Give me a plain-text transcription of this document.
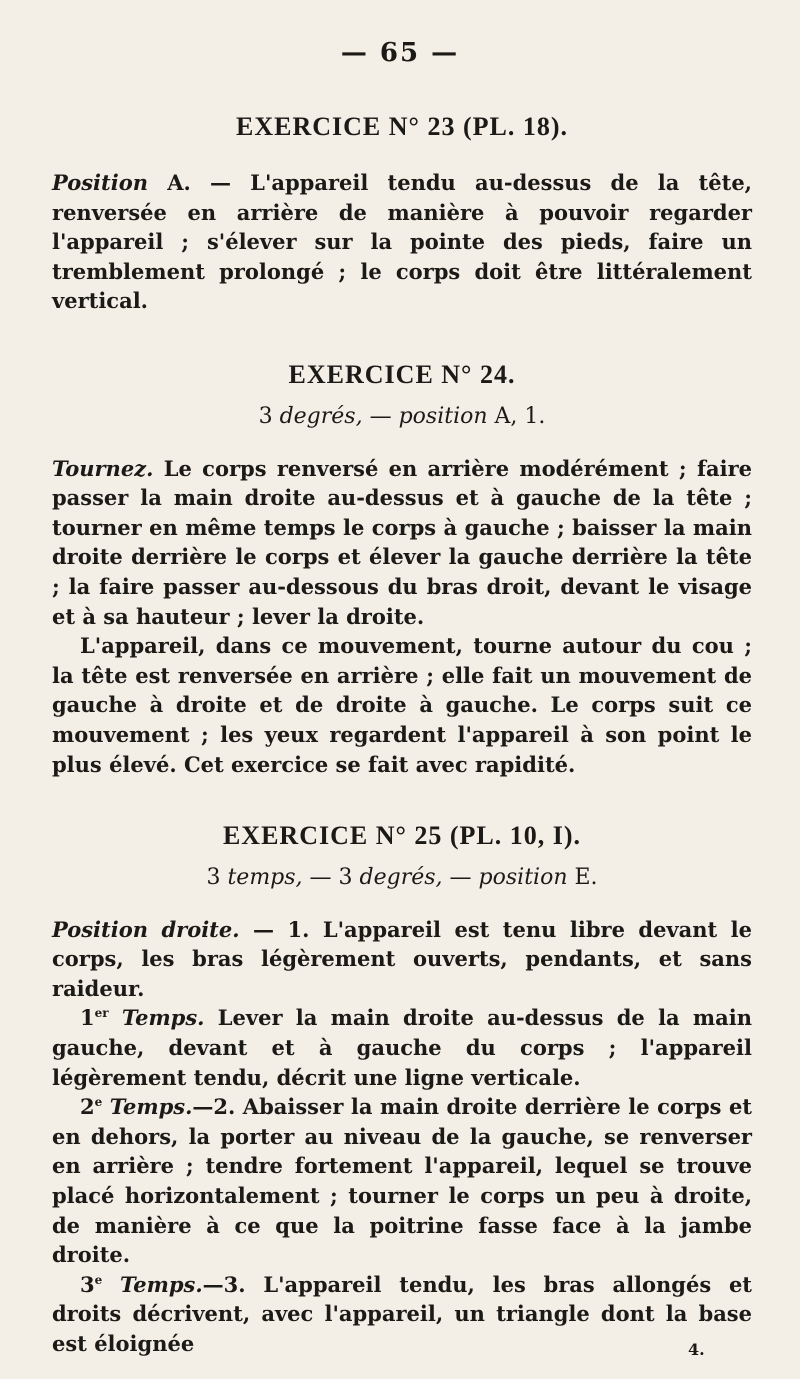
— 65 —
EXERCICE N° 23 (PL. 18).

Position A. — L'appareil tendu au-dessus de la tête, renversée en arrière de manière à pouvoir regarder l'appareil ; s'élever sur la pointe des pieds, faire un tremblement prolongé ; le corps doit être littéralement vertical.

EXERCICE N° 24.

3 degrés, — position A, 1.

Tournez. Le corps renversé en arrière modérément ; faire passer la main droite au-dessus et à gauche de la tête ; tourner en même temps le corps à gauche ; baisser la main droite derrière le corps et élever la gauche derrière la tête ; la faire passer au-dessous du bras droit, devant le visage et à sa hauteur ; lever la droite.

L'appareil, dans ce mouvement, tourne autour du cou ; la tête est renversée en arrière ; elle fait un mouvement de gauche à droite et de droite à gauche. Le corps suit ce mouvement ; les yeux regardent l'appareil à son point le plus élevé. Cet exercice se fait avec rapidité.

EXERCICE N° 25 (PL. 10, I).

3 temps, — 3 degrés, — position E.

Position droite. — 1. L'appareil est tenu libre devant le corps, les bras légèrement ouverts, pendants, et sans raideur.

1er Temps. Lever la main droite au-dessus de la main gauche, devant et à gauche du corps ; l'appareil légèrement tendu, décrit une ligne verticale.

2e Temps.—2. Abaisser la main droite derrière le corps et en dehors, la porter au niveau de la gauche, se renverser en arrière ; tendre fortement l'appareil, lequel se trouve placé horizontalement ; tourner le corps un peu à droite, de manière à ce que la poitrine fasse face à la jambe droite.

3e Temps.—3. L'appareil tendu, les bras allongés et droits décrivent, avec l'appareil, un triangle dont la base est éloignée	4.
